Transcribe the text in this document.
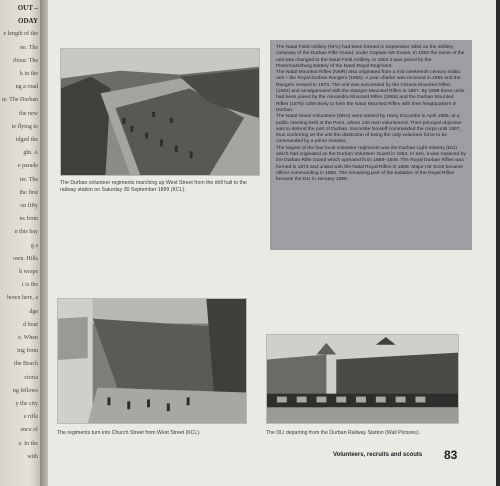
OUT –
ODAY
e length of the
ne. The
rbour. The
k in the
ng a road
ie. The Durban
the new
te flying to
idged the
ght. A
e parade
ter. The
the first
on fifty
ns from
n this bay
g a
own. Hills
h wraps
t is the
hown here, a
dge
d boat
e. When
ing from
the Beach
ctoria
ng fellows
y the city
e rifle
ence of
e. In the
with
The Durban volunteer regiments marching up West Street from the drill hall to the railway station on Saturday 30 September 1899 (KCL).

The Natal Field Artillery (NFA) had been formed in September 1862 as the artillery company of the Durban Rifle Guard, under Captain AW Evans. In 1892 the name of the unit was changed to the Natal Field Artillery. In 1904 it was joined by the Pietermaritzburg Battery of the Natal Royal Regiment.

The Natal Mounted Rifles (NMR) also originated from a mid nineteenth century militia unit – the Royal Durban Rangers (1855). A year charter was received in 1855 and the Rangers revived in 1873. The unit was succeeded by the Victoria Mounted Rifles (1862) and amalgamated with the Stanger Mounted Rifles in 1887. By 1888 these units had been joined by the Alexandra Mounted Rifles (1865) and the Durban Mounted Rifles (1875) collectively to form the Natal Mounted Rifles with their headquarters in Durban.

The Natal Naval Volunteers (NNV) were started by Harry Escombe in April 1885, at a public meeting held at the Point, where 130 men volunteered. Their principal objective was to defend the port of Durban. Escombe himself commanded the corps until 1897, thus conferring on the unit the distinction of being the only volunteer force to be commanded by a prime minister.

The largest of the four local volunteer regiments was the Durban Light Infantry (DLI) which had originated as the Durban Volunteer Guard in 1854. In turn, it was replaced by the Durban Rifle Guard which operated from 1859–1869. The Royal Durban Rifles was formed in 1873 and united with the Natal Royal Rifles in 1888. Major HE Scott became officer commanding in 1895. The remaining part of the battalion of the Royal Rifles became the DLI in January 1898.

The regiments turn into Church Street from West Street (KCL).	The DLI departing from the Durban Railway Station (Wall Pictures).
Volunteers, recruits and scouts 83
